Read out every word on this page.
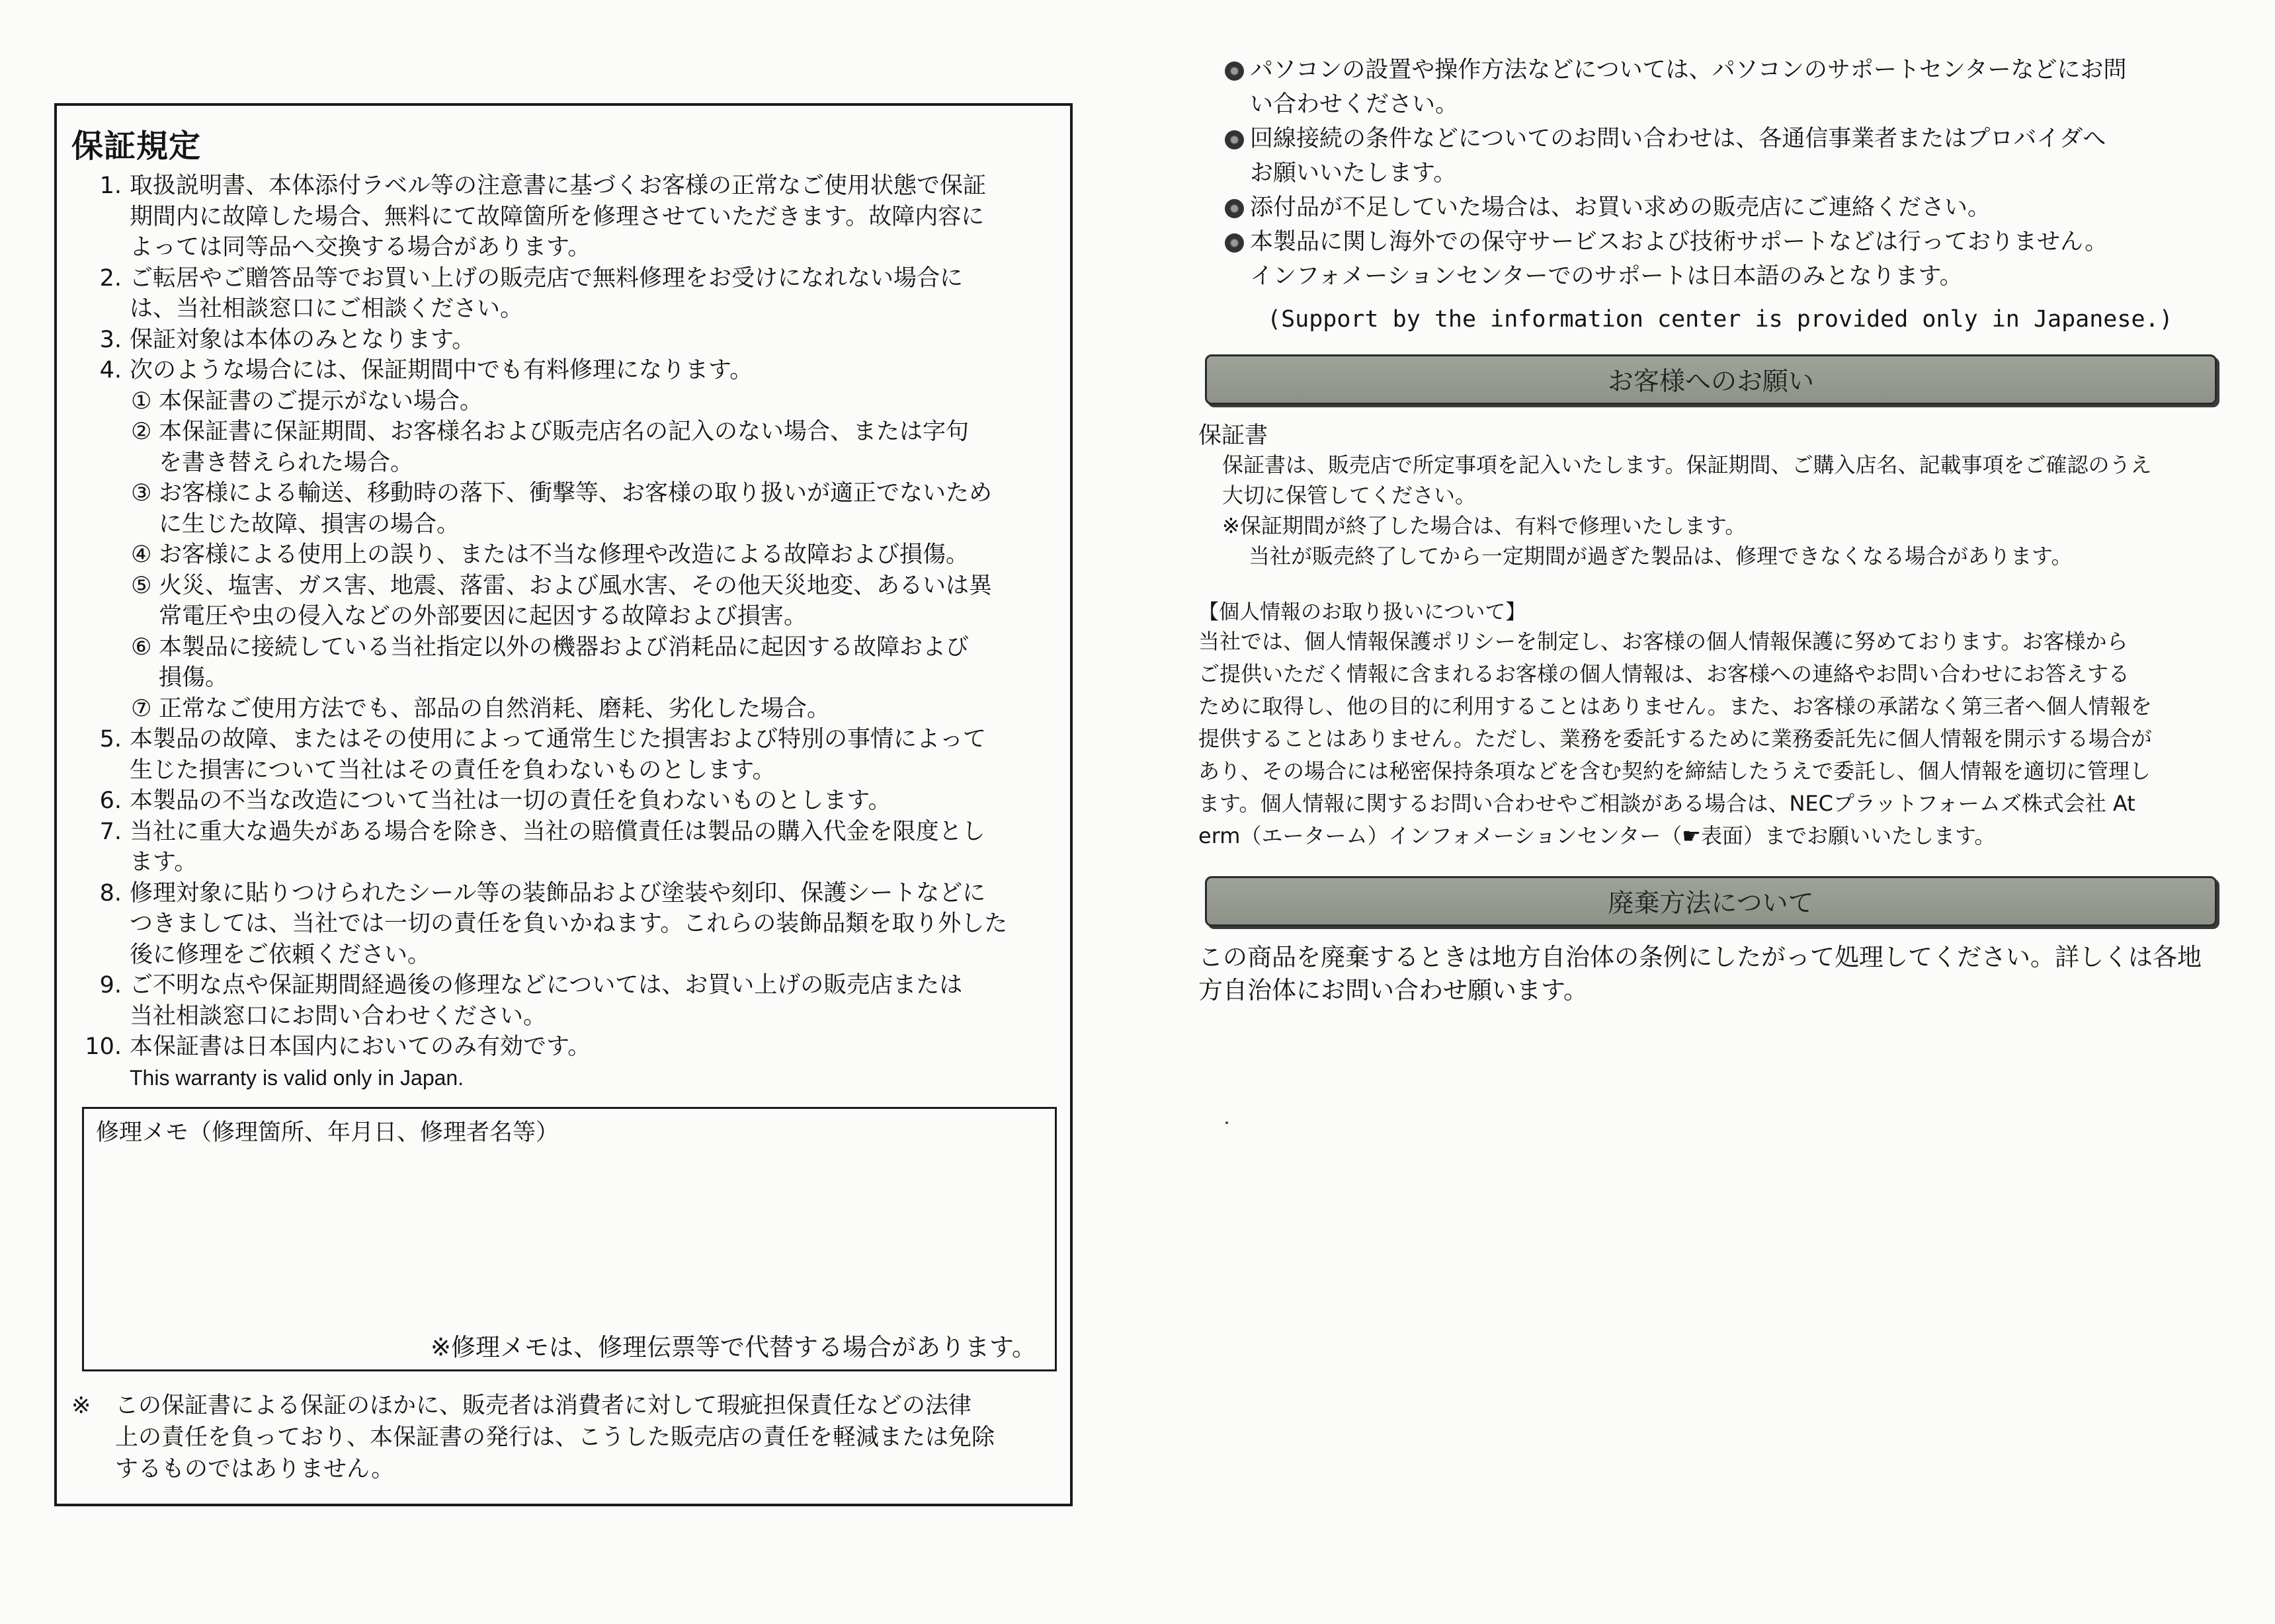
保証規定
1. 取扱説明書、本体添付ラベル等の注意書に基づくお客様の正常なご使用状態で保証
期間内に故障した場合、無料にて故障箇所を修理させていただきます。故障内容に
よっては同等品へ交換する場合があります。
2. ご転居やご贈答品等でお買い上げの販売店で無料修理をお受けになれない場合に
は、当社相談窓口にご相談ください。
3. 保証対象は本体のみとなります。
4. 次のような場合には、保証期間中でも有料修理になります。
① 本保証書のご提示がない場合。
② 本保証書に保証期間、お客様名および販売店名の記入のない場合、または字句
を書き替えられた場合。
③ お客様による輸送、移動時の落下、衝撃等、お客様の取り扱いが適正でないため
に生じた故障、損害の場合。
④ お客様による使用上の誤り、または不当な修理や改造による故障および損傷。
⑤ 火災、塩害、ガス害、地震、落雷、および風水害、その他天災地変、あるいは異
常電圧や虫の侵入などの外部要因に起因する故障および損害。
⑥ 本製品に接続している当社指定以外の機器および消耗品に起因する故障および
損傷。
⑦ 正常なご使用方法でも、部品の自然消耗、磨耗、劣化した場合。
5. 本製品の故障、またはその使用によって通常生じた損害および特別の事情によって
生じた損害について当社はその責任を負わないものとします。
6. 本製品の不当な改造について当社は一切の責任を負わないものとします。
7. 当社に重大な過失がある場合を除き、当社の賠償責任は製品の購入代金を限度とし
ます。
8. 修理対象に貼りつけられたシール等の装飾品および塗装や刻印、保護シートなどに
つきましては、当社では一切の責任を負いかねます。これらの装飾品類を取り外した
後に修理をご依頼ください。
9. ご不明な点や保証期間経過後の修理などについては、お買い上げの販売店または
当社相談窓口にお問い合わせください。
10. 本保証書は日本国内においてのみ有効です。
This warranty is valid only in Japan.
修理メモ（修理箇所、年月日、修理者名等）
※修理メモは、修理伝票等で代替する場合があります。
※	この保証書による保証のほかに、販売者は消費者に対して瑕疵担保責任などの法律
上の責任を負っており、本保証書の発行は、こうした販売店の責任を軽減または免除
するものではありません。
パソコンの設置や操作方法などについては、パソコンのサポートセンターなどにお問
い合わせください。
回線接続の条件などについてのお問い合わせは、各通信事業者またはプロバイダへ
お願いいたします。
添付品が不足していた場合は、お買い求めの販売店にご連絡ください。
本製品に関し海外での保守サービスおよび技術サポートなどは行っておりません。
インフォメーションセンターでのサポートは日本語のみとなります。
(Support by the information center is provided only in Japanese.)
お客様へのお願い
保証書
保証書は、販売店で所定事項を記入いたします。保証期間、ご購入店名、記載事項をご確認のうえ
大切に保管してください。
※保証期間が終了した場合は、有料で修理いたします。
当社が販売終了してから一定期間が過ぎた製品は、修理できなくなる場合があります。
【個人情報のお取り扱いについて】
当社では、個人情報保護ポリシーを制定し、お客様の個人情報保護に努めております。お客様から
ご提供いただく情報に含まれるお客様の個人情報は、お客様への連絡やお問い合わせにお答えする
ために取得し、他の目的に利用することはありません。また、お客様の承諾なく第三者へ個人情報を
提供することはありません。ただし、業務を委託するために業務委託先に個人情報を開示する場合が
あり、その場合には秘密保持条項などを含む契約を締結したうえで委託し、個人情報を適切に管理し
ます。個人情報に関するお問い合わせやご相談がある場合は、NECプラットフォームズ株式会社 At
erm（エーターム）インフォメーションセンター（☛表面）までお願いいたします。
廃棄方法について
この商品を廃棄するときは地方自治体の条例にしたがって処理してください。詳しくは各地
方自治体にお問い合わせ願います。
